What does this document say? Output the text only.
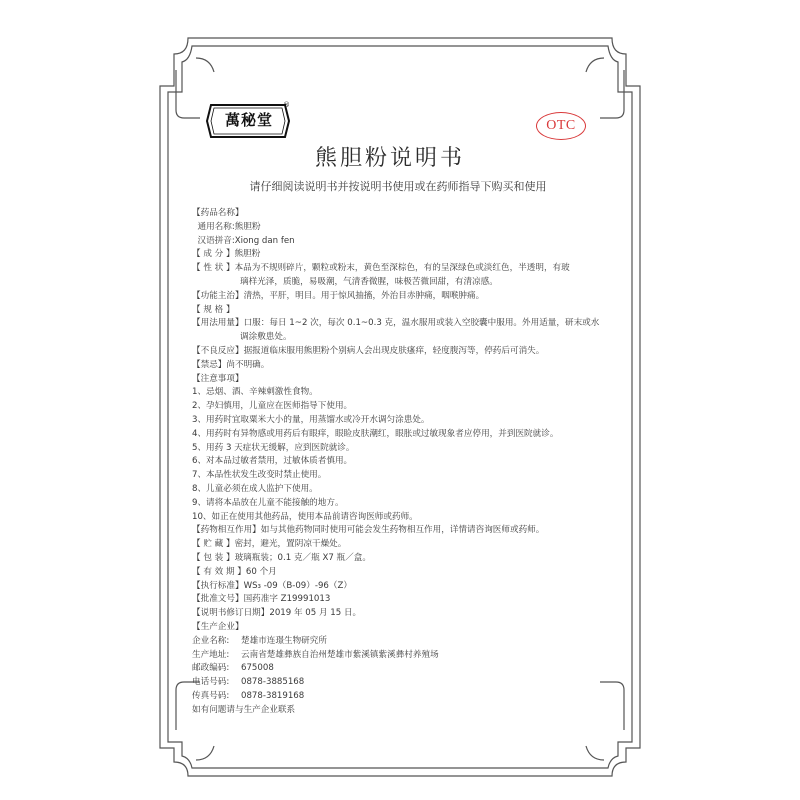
萬秘堂
®
OTC
熊胆粉说明书
请仔细阅读说明书并按说明书使用或在药师指导下购买和使用
【药品名称】
通用名称:熊胆粉
汉语拼音:Xiong dan fen
【 成 分 】熊胆粉
【 性 状 】本品为不规则碎片，颗粒或粉末，黄色至深棕色，有的呈深绿色或淡红色，半透明，有玻
璃样光泽，质脆，易吸潮，气清香微腥，味极苦微回甜，有清凉感。
【功能主治】清热，平肝，明目。用于惊风抽搐，外治目赤肿痛，咽喉肿痛。
【 规 格 】
【用法用量】口服：每日 1~2 次，每次 0.1~0.3 克，温水服用或装入空胶囊中服用。外用适量，研末或水
调涂敷患处。
【不良反应】据报道临床服用熊胆粉个别病人会出现皮肤瘙痒，轻度腹泻等，停药后可消失。
【禁忌】尚不明确。
【注意事项】
1、忌烟、酒、辛辣刺激性食物。
2、孕妇慎用，儿童应在医师指导下使用。
3、用药时宜取粟米大小的量，用蒸馏水或冷开水调匀涂患处。
4、用药时有异物感或用药后有眼痒，眼睑皮肤潮红，眼胀或过敏现象者应停用，并到医院就诊。
5、用药 3 天症状无缓解，应到医院就诊。
6、对本品过敏者禁用，过敏体质者慎用。
7、本品性状发生改变时禁止使用。
8、儿童必须在成人监护下使用。
9、请将本品放在儿童不能接触的地方。
10、如正在使用其他药品，使用本品前请咨询医师或药师。
【药物相互作用】如与其他药物同时使用可能会发生药物相互作用，详情请咨询医师或药师。
【 贮 藏 】密封，避光，置阴凉干燥处。
【 包 装 】玻璃瓶装；0.1 克／瓶 X7 瓶／盒。
【 有 效 期 】60 个月
【执行标准】WS₃ -09（B-09）-96（Z）
【批准文号】国药准字 Z19991013
【说明书修订日期】2019 年 05 月 15 日。
【生产企业】
企业名称: 楚雄市连璟生物研究所
生产地址: 云南省楚雄彝族自治州楚雄市紫溪镇紫溪彝村养殖场
邮政编码: 675008
电话号码: 0878-3885168
传真号码: 0878-3819168
如有问题请与生产企业联系
